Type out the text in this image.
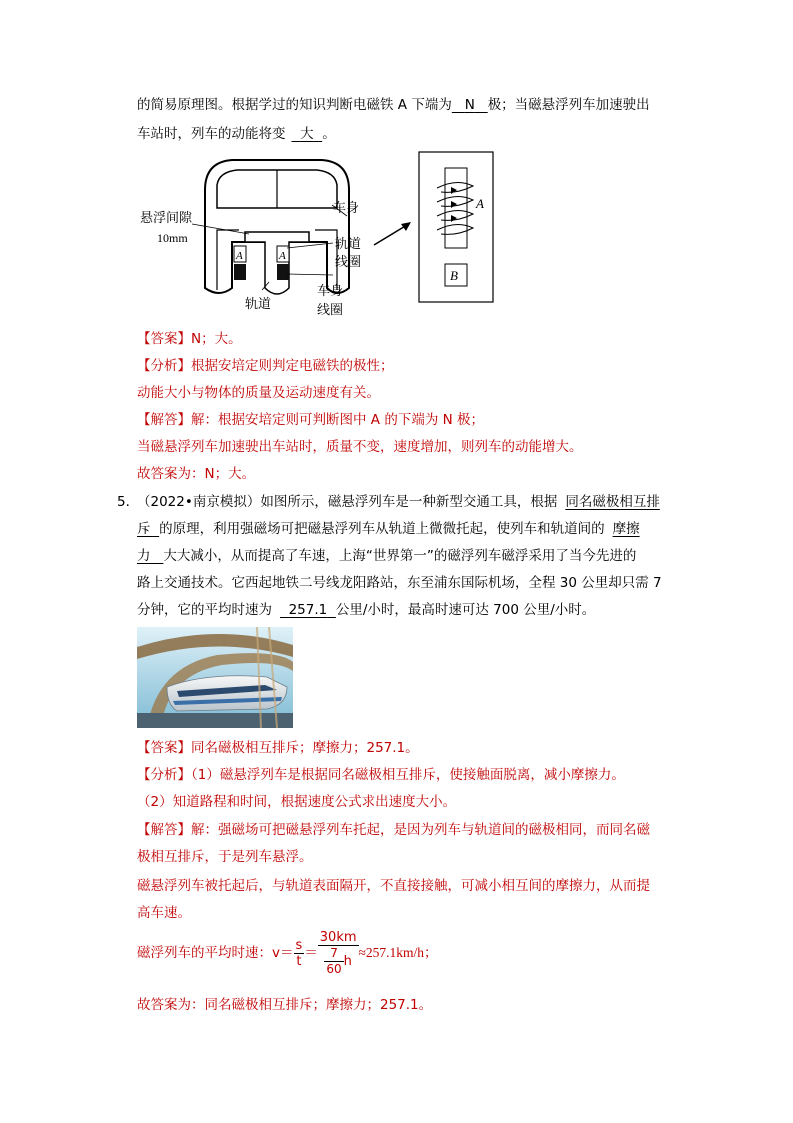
的简易原理图。根据学过的知识判断电磁铁 A 下端为 N 极；当磁悬浮列车加速驶出
车站时，列车的动能将变 大 。
A	A
悬浮间隙
10mm
车身
轨道
线圈
轨道
车身
线圈
A
B
【答案】N；大。
【分析】根据安培定则判定电磁铁的极性；
动能大小与物体的质量及运动速度有关。
【解答】解：根据安培定则可判断图中 A 的下端为 N 极；
当磁悬浮列车加速驶出车站时，质量不变，速度增加，则列车的动能增大。
故答案为：N；大。
5．
（2022•南京模拟）如图所示，磁悬浮列车是一种新型交通工具，根据 同名磁极相互排
斥 的原理，利用强磁场可把磁悬浮列车从轨道上微微托起，使列车和轨道间的 摩擦
力 大大减小，从而提高了车速，上海“世界第一”的磁浮列车磁浮采用了当今先进的
路上交通技术。它西起地铁二号线龙阳路站，东至浦东国际机场，全程 30 公里却只需 7
分钟，它的平均时速为 257.1 公里/小时，最高时速可达 700 公里/小时。
【答案】同名磁极相互排斥；摩擦力；257.1。
【分析】（1）磁悬浮列车是根据同名磁极相互排斥，使接触面脱离，减小摩擦力。
（2）知道路程和时间，根据速度公式求出速度大小。
【解答】解：强磁场可把磁悬浮列车托起，是因为列车与轨道间的磁极相同，而同名磁
极相互排斥，于是列车悬浮。
磁悬浮列车被托起后，与轨道表面隔开，不直接接触，可减小相互间的摩擦力，从而提
高车速。
磁浮列车的平均时速：$v= \frac{s}{t} = \frac{30km}{\frac{7}{60} h} \approx 257.1km/h$；
故答案为：同名磁极相互排斥；摩擦力；257.1。
